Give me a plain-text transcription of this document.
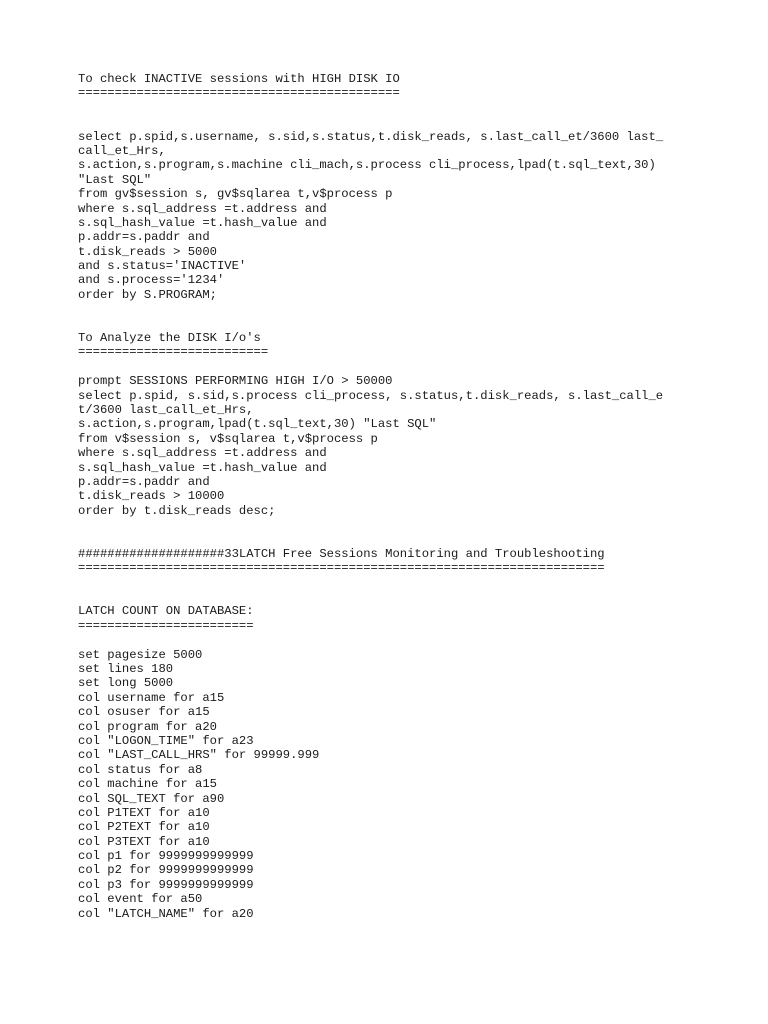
To check INACTIVE sessions with HIGH DISK IO
============================================
select p.spid,s.username, s.sid,s.status,t.disk_reads, s.last_call_et/3600 last_
call_et_Hrs,
s.action,s.program,s.machine cli_mach,s.process cli_process,lpad(t.sql_text,30)
"Last SQL"
from gv$session s, gv$sqlarea t,v$process p
where s.sql_address =t.address and
s.sql_hash_value =t.hash_value and
p.addr=s.paddr and
t.disk_reads > 5000
and s.status='INACTIVE'
and s.process='1234'
order by S.PROGRAM;
To Analyze the DISK I/o's
==========================
prompt SESSIONS PERFORMING HIGH I/O > 50000
select p.spid, s.sid,s.process cli_process, s.status,t.disk_reads, s.last_call_e
t/3600 last_call_et_Hrs,
s.action,s.program,lpad(t.sql_text,30) "Last SQL"
from v$session s, v$sqlarea t,v$process p
where s.sql_address =t.address and
s.sql_hash_value =t.hash_value and
p.addr=s.paddr and
t.disk_reads > 10000
order by t.disk_reads desc;
####################33LATCH Free Sessions Monitoring and Troubleshooting
========================================================================
LATCH COUNT ON DATABASE:
========================
set pagesize 5000
set lines 180
set long 5000
col username for a15
col osuser for a15
col program for a20
col "LOGON_TIME" for a23
col "LAST_CALL_HRS" for 99999.999
col status for a8
col machine for a15
col SQL_TEXT for a90
col P1TEXT for a10
col P2TEXT for a10
col P3TEXT for a10
col p1 for 9999999999999
col p2 for 9999999999999
col p3 for 9999999999999
col event for a50
col "LATCH_NAME" for a20
